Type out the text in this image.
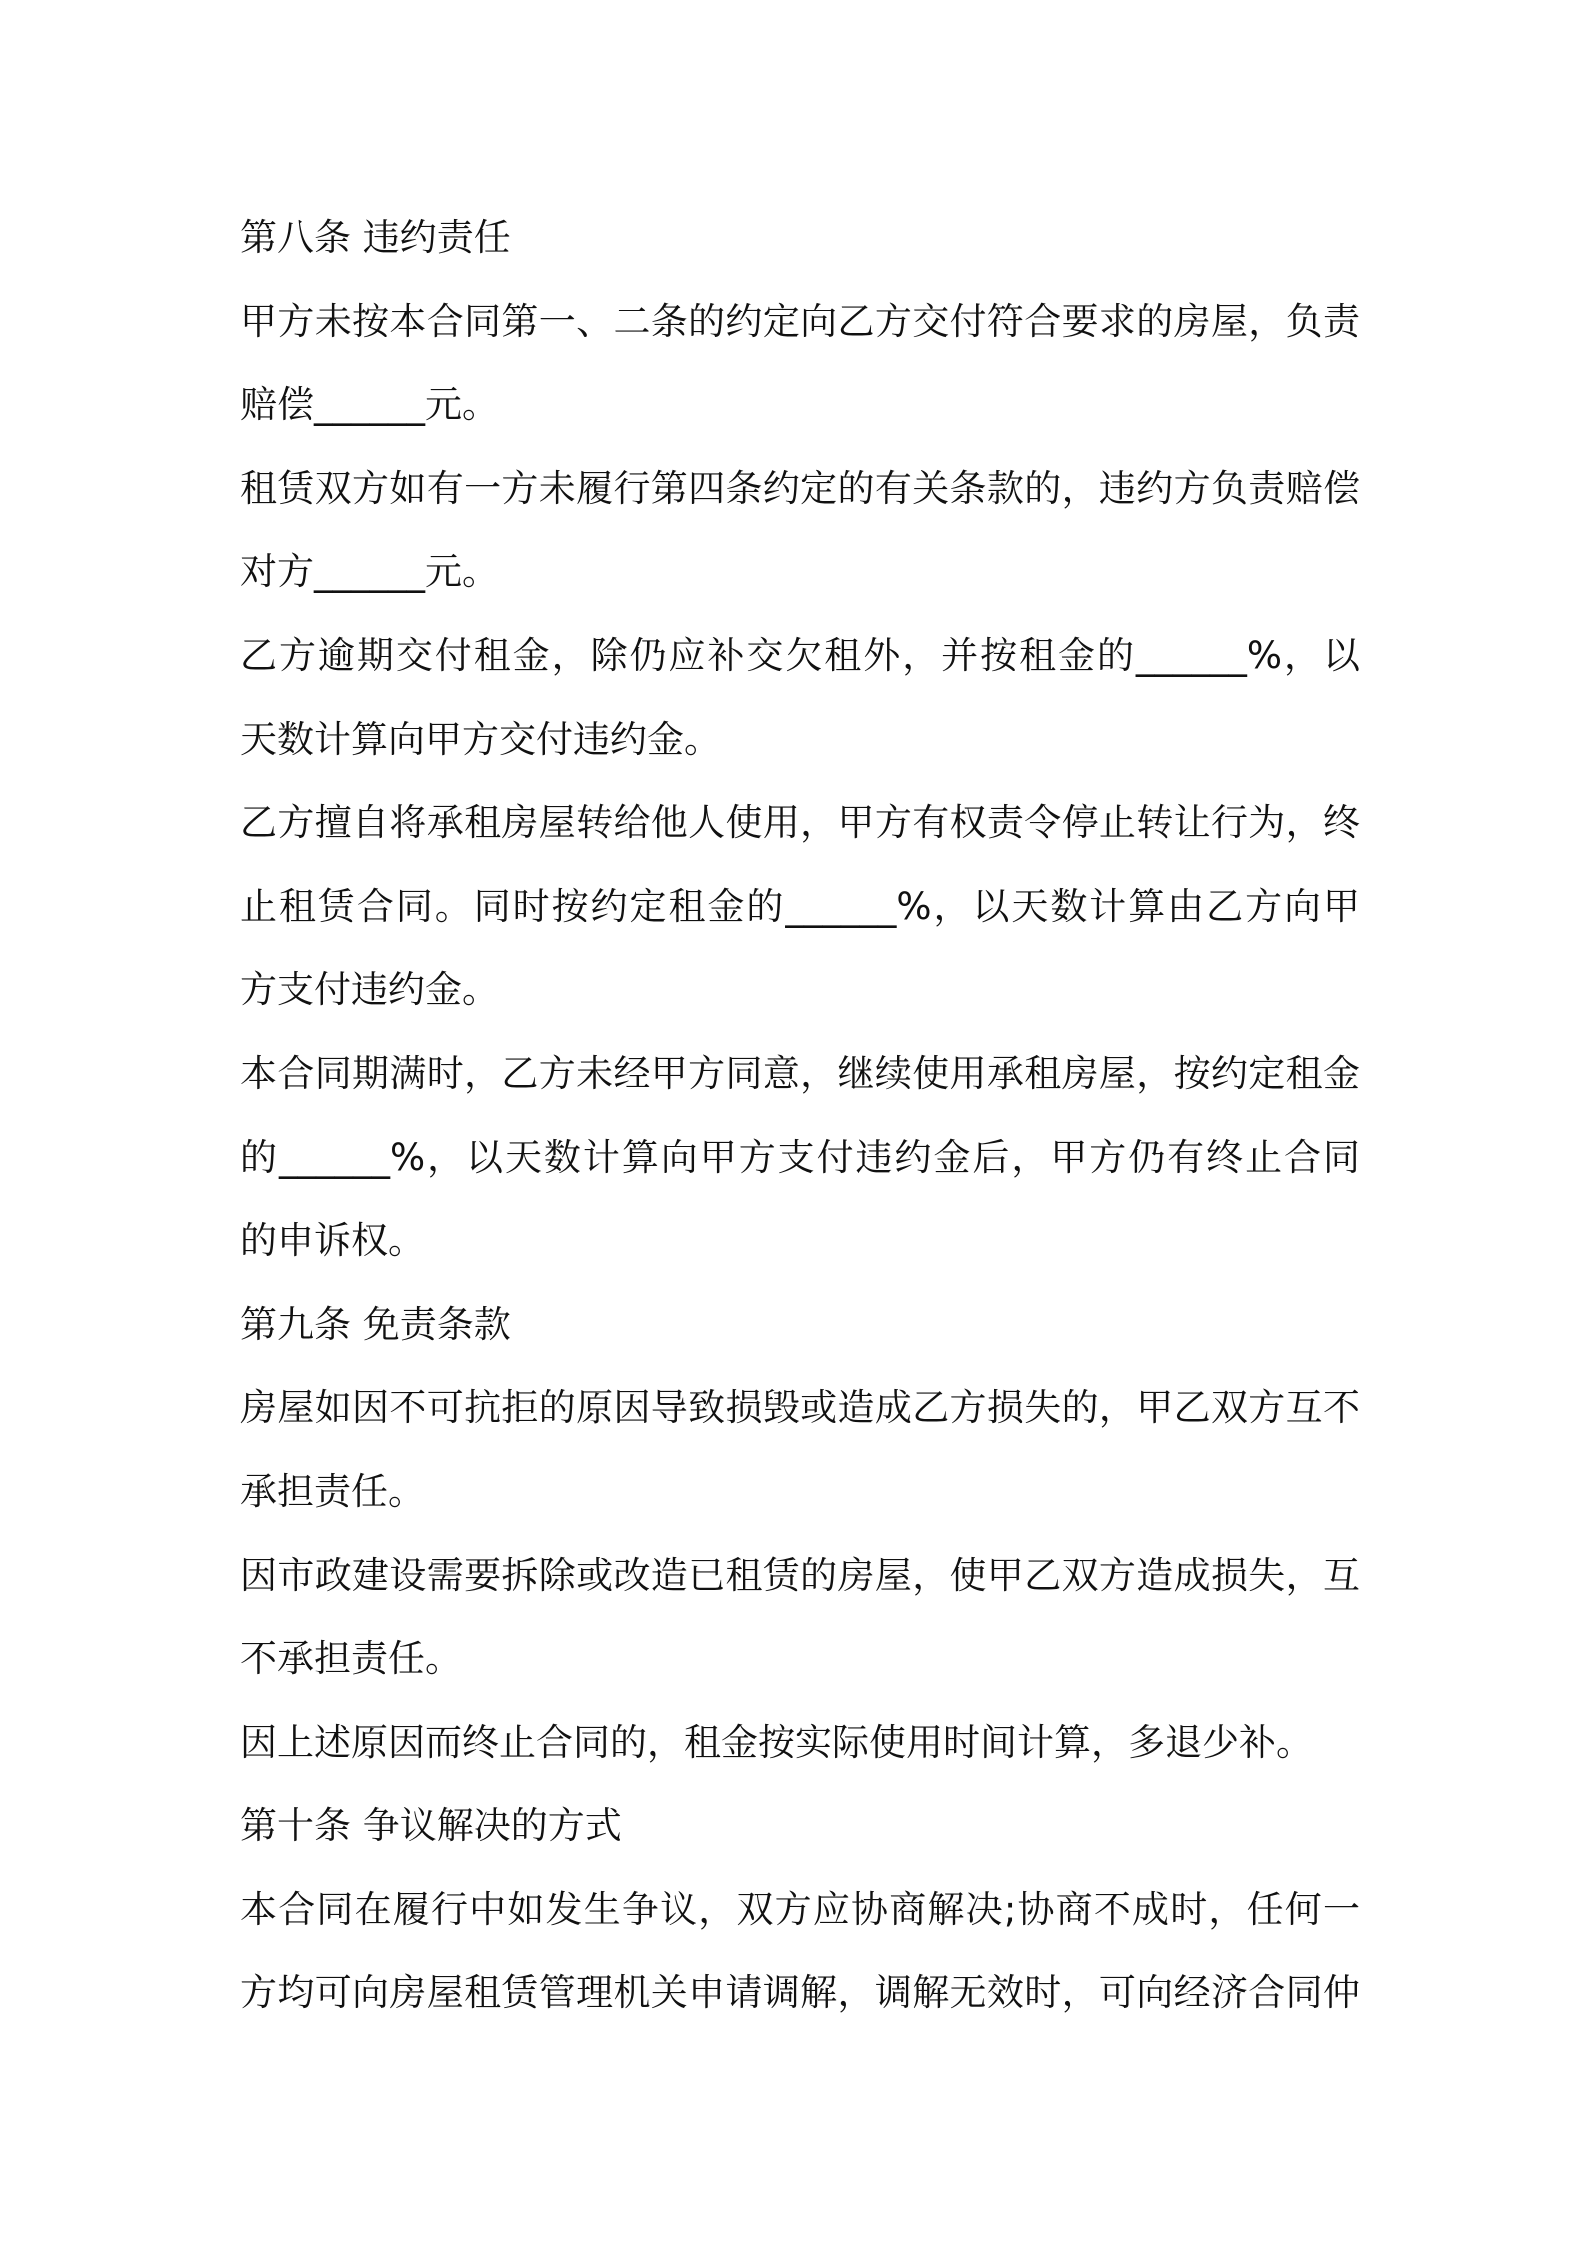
第八条 违约责任
甲方未按本合同第一、二条的约定向乙方交付符合要求的房屋，负责
赔偿______元。
租赁双方如有一方未履行第四条约定的有关条款的，违约方负责赔偿
对方______元。
乙方逾期交付租金，除仍应补交欠租外，并按租金的______%，以
天数计算向甲方交付违约金。
乙方擅自将承租房屋转给他人使用，甲方有权责令停止转让行为，终
止租赁合同。同时按约定租金的______%，以天数计算由乙方向甲
方支付违约金。
本合同期满时，乙方未经甲方同意，继续使用承租房屋，按约定租金
的______%，以天数计算向甲方支付违约金后，甲方仍有终止合同
的申诉权。
第九条 免责条款
房屋如因不可抗拒的原因导致损毁或造成乙方损失的，甲乙双方互不
承担责任。
因市政建设需要拆除或改造已租赁的房屋，使甲乙双方造成损失，互
不承担责任。
因上述原因而终止合同的，租金按实际使用时间计算，多退少补。
第十条 争议解决的方式
本合同在履行中如发生争议，双方应协商解决;协商不成时，任何一
方均可向房屋租赁管理机关申请调解，调解无效时，可向经济合同仲
